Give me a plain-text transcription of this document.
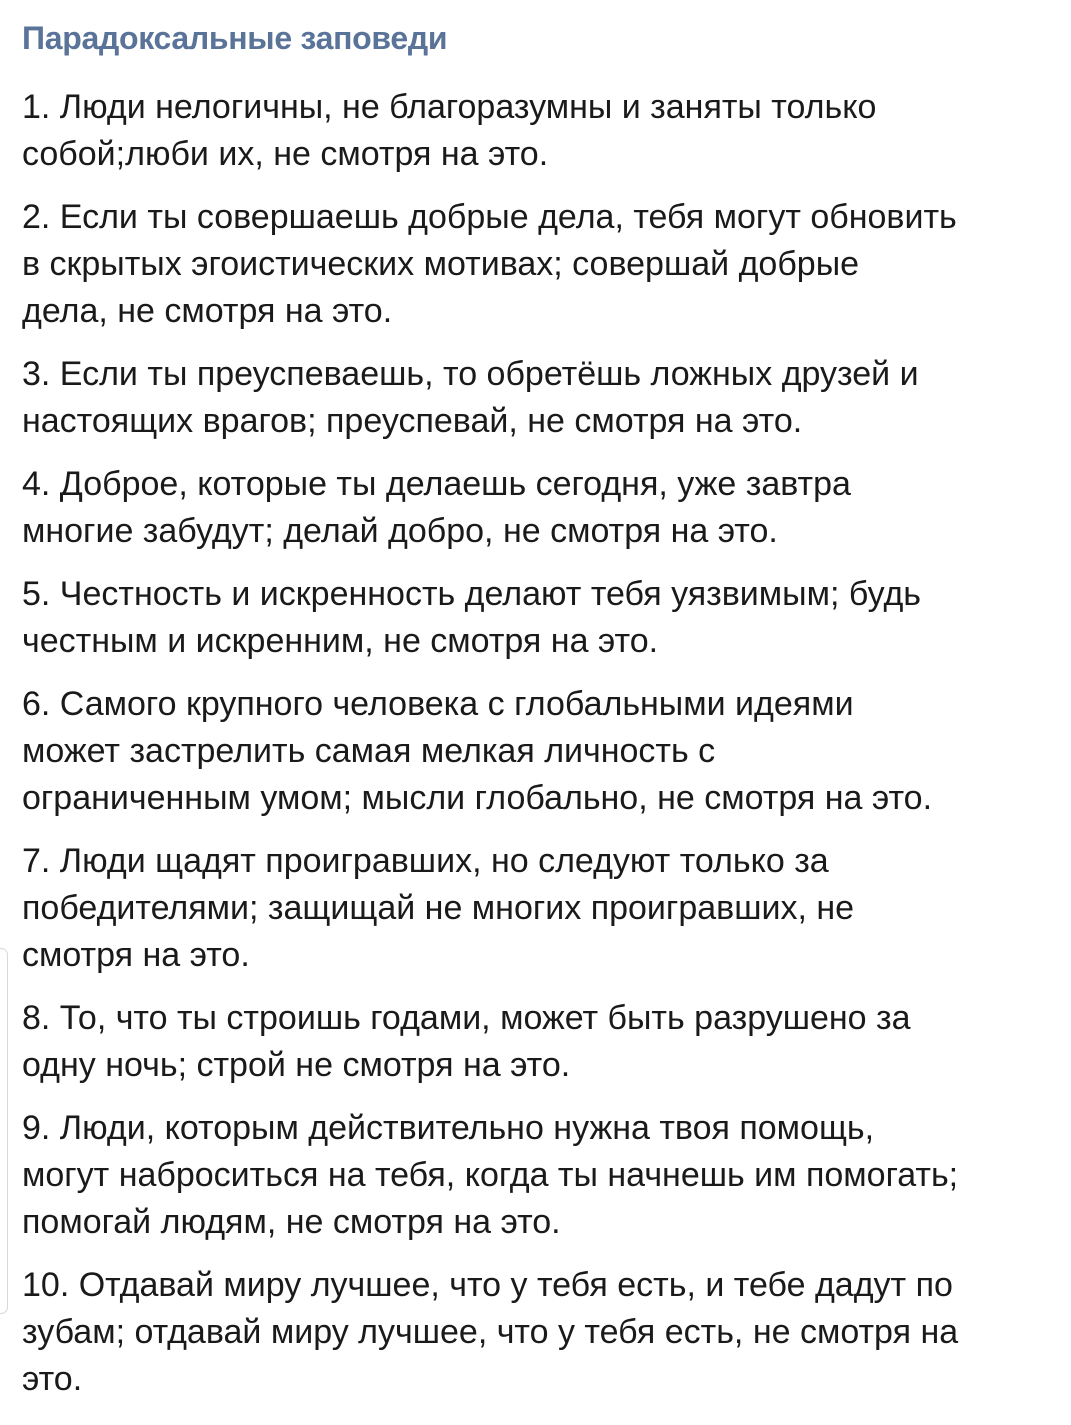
Парадоксальные заповеди
1. Люди нелогичны, не благоразумны и заняты только
собой;люби их, не смотря на это.
2. Если ты совершаешь добрые дела, тебя могут обновить
в скрытых эгоистических мотивах; совершай добрые
дела, не смотря на это.
3. Если ты преуспеваешь, то обретёшь ложных друзей и
настоящих врагов; преуспевай, не смотря на это.
4. Доброе, которые ты делаешь сегодня, уже завтра
многие забудут; делай добро, не смотря на это.
5. Честность и искренность делают тебя уязвимым; будь
честным и искренним, не смотря на это.
6. Самого крупного человека с глобальными идеями
может застрелить самая мелкая личность с
ограниченным умом; мысли глобально, не смотря на это.
7. Люди щадят проигравших, но следуют только за
победителями; защищай не многих проигравших, не
смотря на это.
8. То, что ты строишь годами, может быть разрушено за
одну ночь; строй не смотря на это.
9. Люди, которым действительно нужна твоя помощь,
могут наброситься на тебя, когда ты начнешь им помогать;
помогай людям, не смотря на это.
10. Отдавай миру лучшее, что у тебя есть, и тебе дадут по
зубам; отдавай миру лучшее, что у тебя есть, не смотря на
это.
